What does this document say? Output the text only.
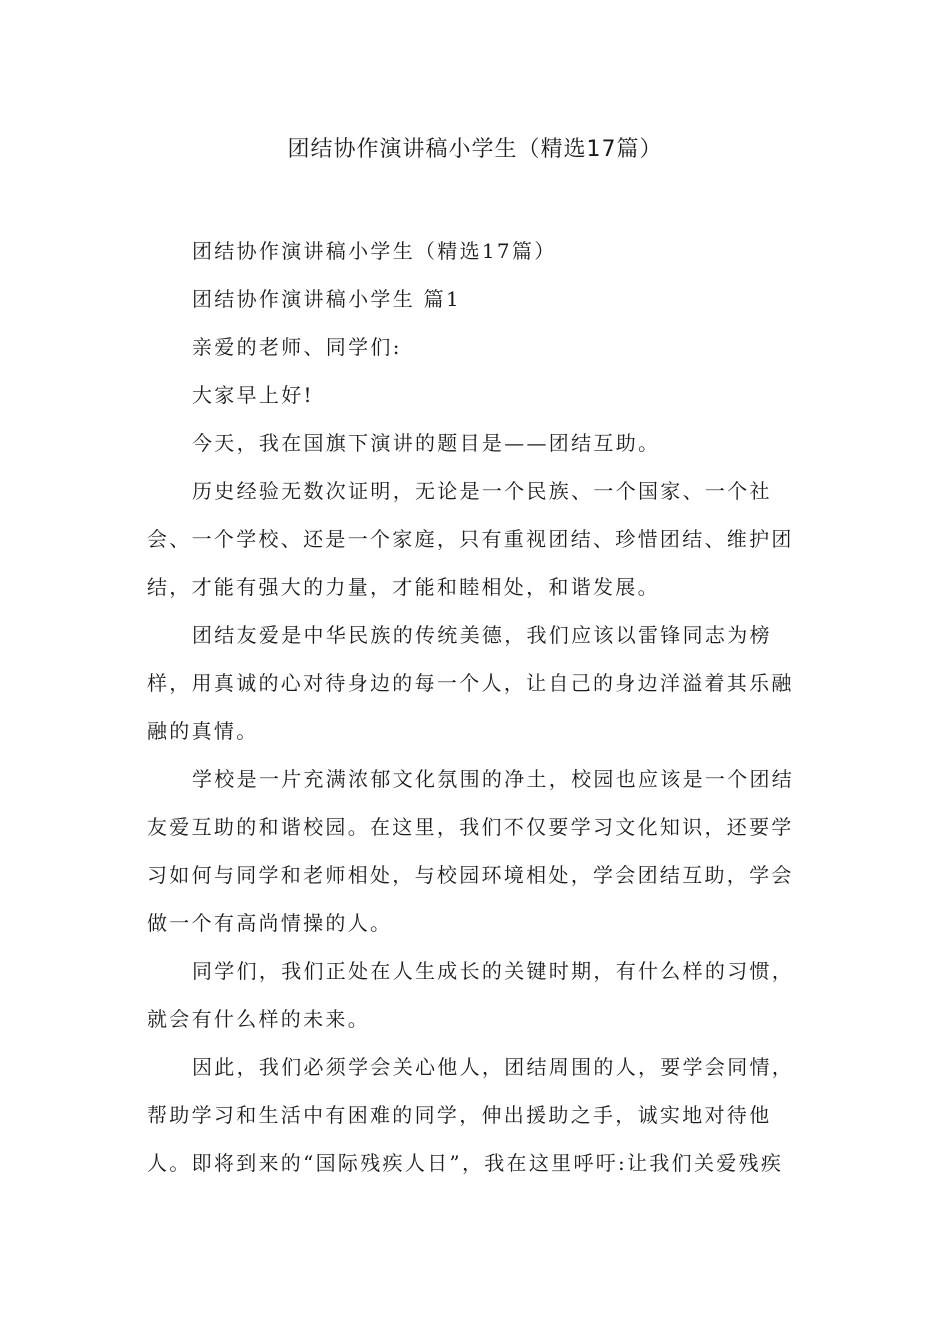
团结协作演讲稿小学生（精选17篇）
团结协作演讲稿小学生（精选17篇）
团结协作演讲稿小学生 篇1
亲爱的老师、同学们:
大家早上好!
今天，我在国旗下演讲的题目是——团结互助。
历史经验无数次证明，无论是一个民族、一个国家、一个社
会、一个学校、还是一个家庭，只有重视团结、珍惜团结、维护团
结，才能有强大的力量，才能和睦相处，和谐发展。
团结友爱是中华民族的传统美德，我们应该以雷锋同志为榜
样，用真诚的心对待身边的每一个人，让自己的身边洋溢着其乐融
融的真情。
学校是一片充满浓郁文化氛围的净土，校园也应该是一个团结
友爱互助的和谐校园。在这里，我们不仅要学习文化知识，还要学
习如何与同学和老师相处，与校园环境相处，学会团结互助，学会
做一个有高尚情操的人。
同学们，我们正处在人生成长的关键时期，有什么样的习惯，
就会有什么样的未来。
因此，我们必须学会关心他人，团结周围的人，要学会同情，
帮助学习和生活中有困难的同学，伸出援助之手，诚实地对待他
人。即将到来的“国际残疾人日”，我在这里呼吁:让我们关爱残疾
